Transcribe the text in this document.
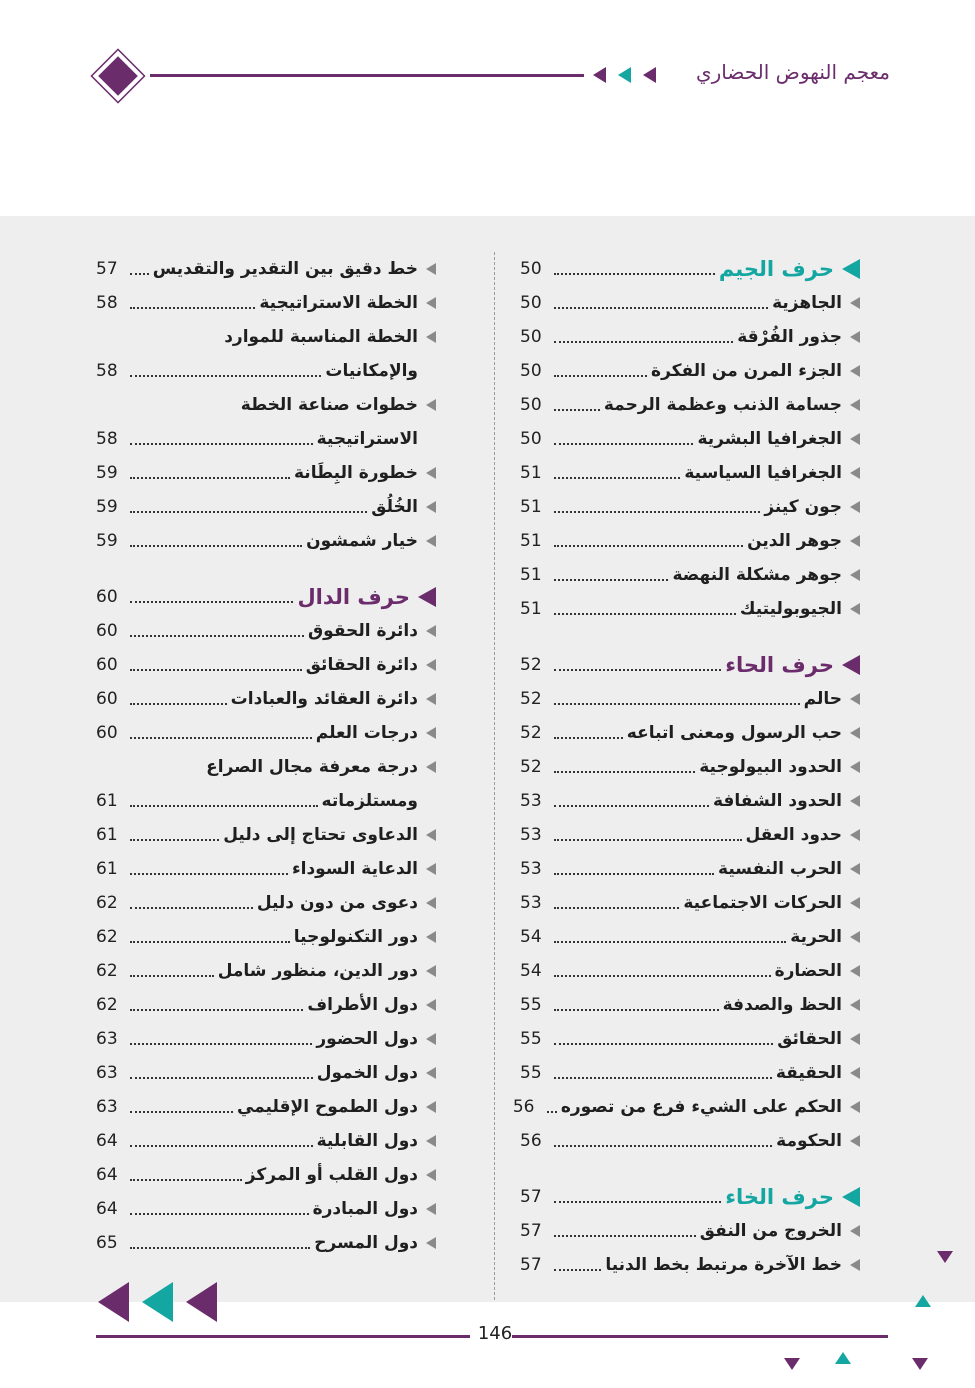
معجم النهوض الحضاري
حرف الجيم
50
الجاهزية
50
جذور الفُرْقة
50
الجزء المرن من الفكرة
50
جسامة الذنب وعظمة الرحمة
50
الجغرافيا البشرية
50
الجغرافيا السياسية
51
جون كينز
51
جوهر الدين
51
جوهر مشكلة النهضة
51
الجيوبوليتيك
51
حرف الحاء
52
حالم
52
حب الرسول ومعنى اتباعه
52
الحدود البيولوجية
52
الحدود الشفافة
53
حدود العقل
53
الحرب النفسية
53
الحركات الاجتماعية
53
الحرية
54
الحضارة
54
الحظ والصدفة
55
الحقائق
55
الحقيقة
55
الحكم على الشيء فرع من تصوره
56
الحكومة
56
حرف الخاء
57
الخروج من النفق
57
خط الآخرة مرتبط بخط الدنيا
57
خط دقيق بين التقدير والتقديس
57
الخطة الاستراتيجية
58
الخطة المناسبة للموارد
والإمكانيات
58
خطوات صناعة الخطة
الاستراتيجية
58
خطورة البِطَانة
59
الخُلُق
59
خيار شمشون
59
حرف الدال
60
دائرة الحقوق
60
دائرة الحقائق
60
دائرة العقائد والعبادات
60
درجات العلم
60
درجة معرفة مجال الصراع
ومستلزماته
61
الدعاوى تحتاج إلى دليل
61
الدعاية السوداء
61
دعوى من دون دليل
62
دور التكنولوجيا
62
دور الدين، منظور شامل
62
دول الأطراف
62
دول الحضور
63
دول الخمول
63
دول الطموح الإقليمي
63
دول القابلية
64
دول القلب أو المركز
64
دول المبادرة
64
دول المسرح
65
146
